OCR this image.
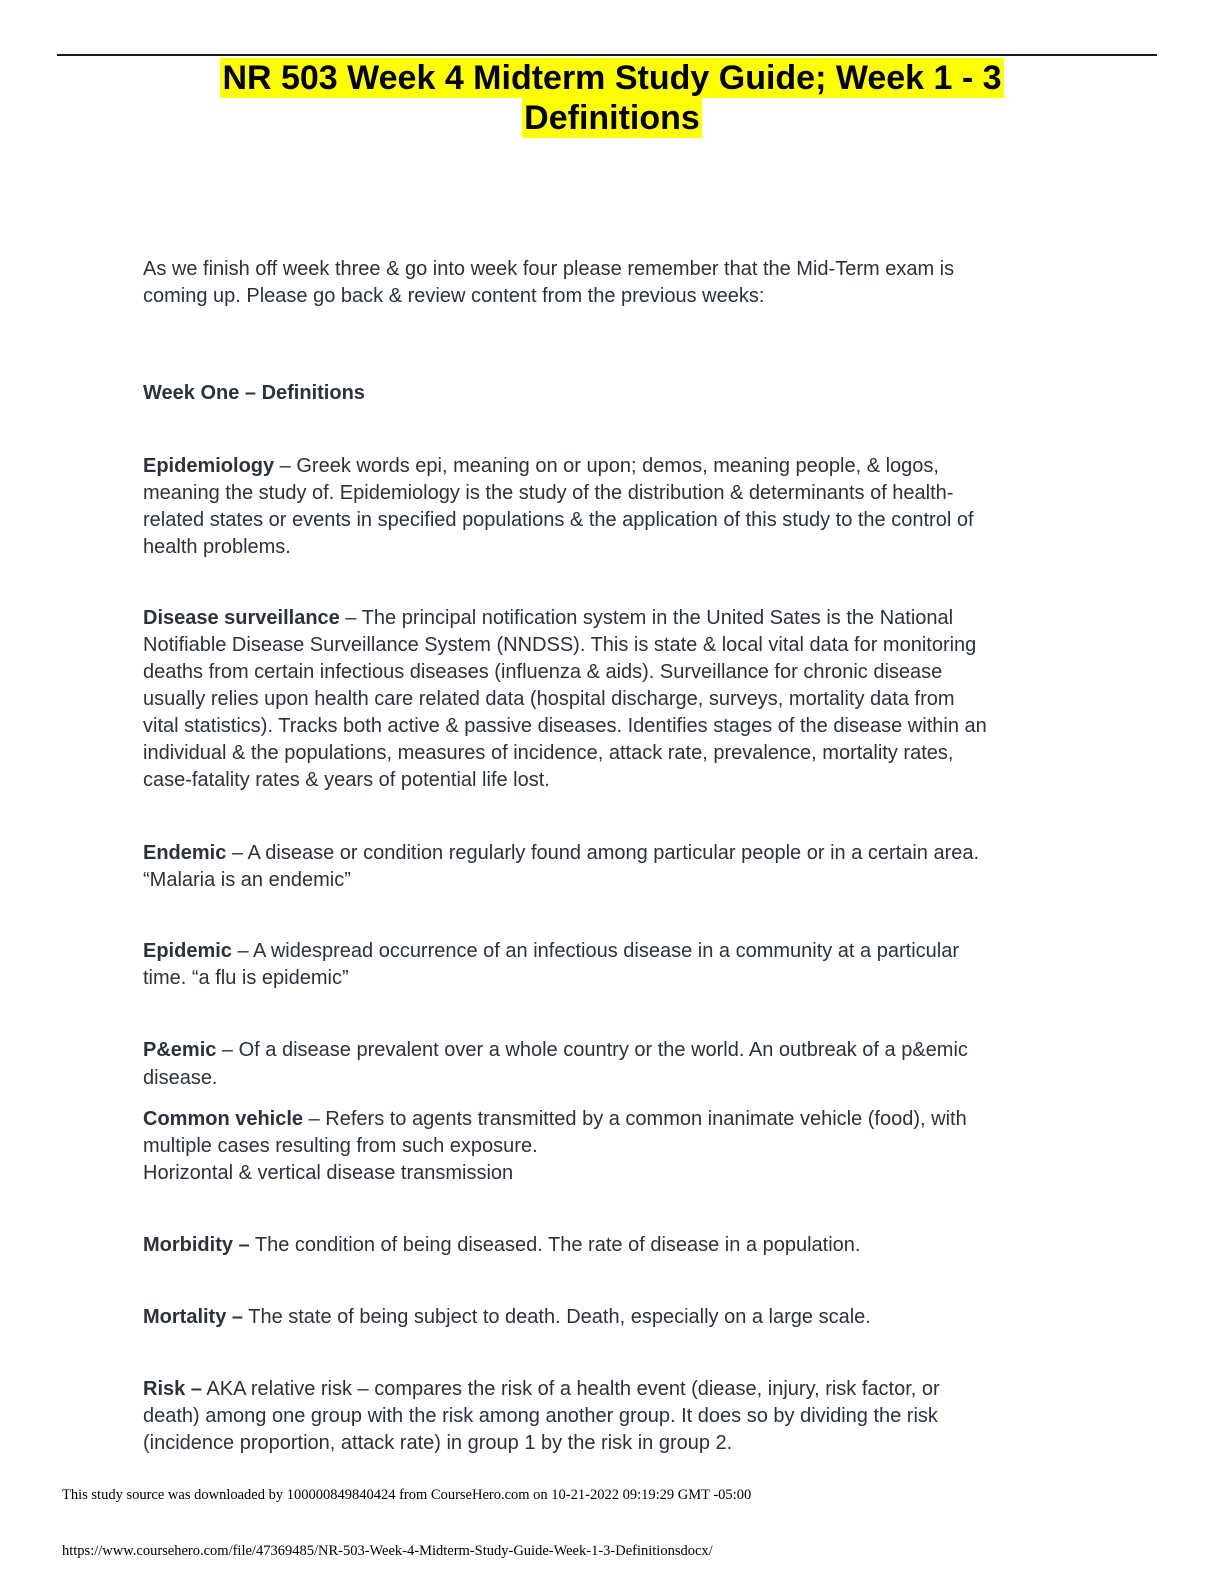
NR 503 Week 4 Midterm Study Guide; Week 1 - 3
Definitions

As we finish off week three & go into week four please remember that the Mid-Term exam is
coming up. Please go back & review content from the previous weeks:

Week One – Definitions

Epidemiology – Greek words epi, meaning on or upon; demos, meaning people, & logos,
meaning the study of. Epidemiology is the study of the distribution & determinants of health-
related states or events in specified populations & the application of this study to the control of
health problems.

Disease surveillance – The principal notification system in the United Sates is the National
Notifiable Disease Surveillance System (NNDSS). This is state & local vital data for monitoring
deaths from certain infectious diseases (influenza & aids). Surveillance for chronic disease
usually relies upon health care related data (hospital discharge, surveys, mortality data from
vital statistics). Tracks both active & passive diseases. Identifies stages of the disease within an
individual & the populations, measures of incidence, attack rate, prevalence, mortality rates,
case-fatality rates & years of potential life lost.

Endemic – A disease or condition regularly found among particular people or in a certain area.
“Malaria is an endemic”

Epidemic – A widespread occurrence of an infectious disease in a community at a particular
time. “a flu is epidemic”

P&emic – Of a disease prevalent over a whole country or the world. An outbreak of a p&emic
disease.

Common vehicle – Refers to agents transmitted by a common inanimate vehicle (food), with
multiple cases resulting from such exposure.
Horizontal & vertical disease transmission

Morbidity – The condition of being diseased. The rate of disease in a population.

Mortality – The state of being subject to death. Death, especially on a large scale.

Risk – AKA relative risk – compares the risk of a health event (diease, injury, risk factor, or
death) among one group with the risk among another group. It does so by dividing the risk
(incidence proportion, attack rate) in group 1 by the risk in group 2.

This study source was downloaded by 100000849840424 from CourseHero.com on 10-21-2022 09:19:29 GMT -05:00
https://www.coursehero.com/file/47369485/NR-503-Week-4-Midterm-Study-Guide-Week-1-3-Definitionsdocx/
